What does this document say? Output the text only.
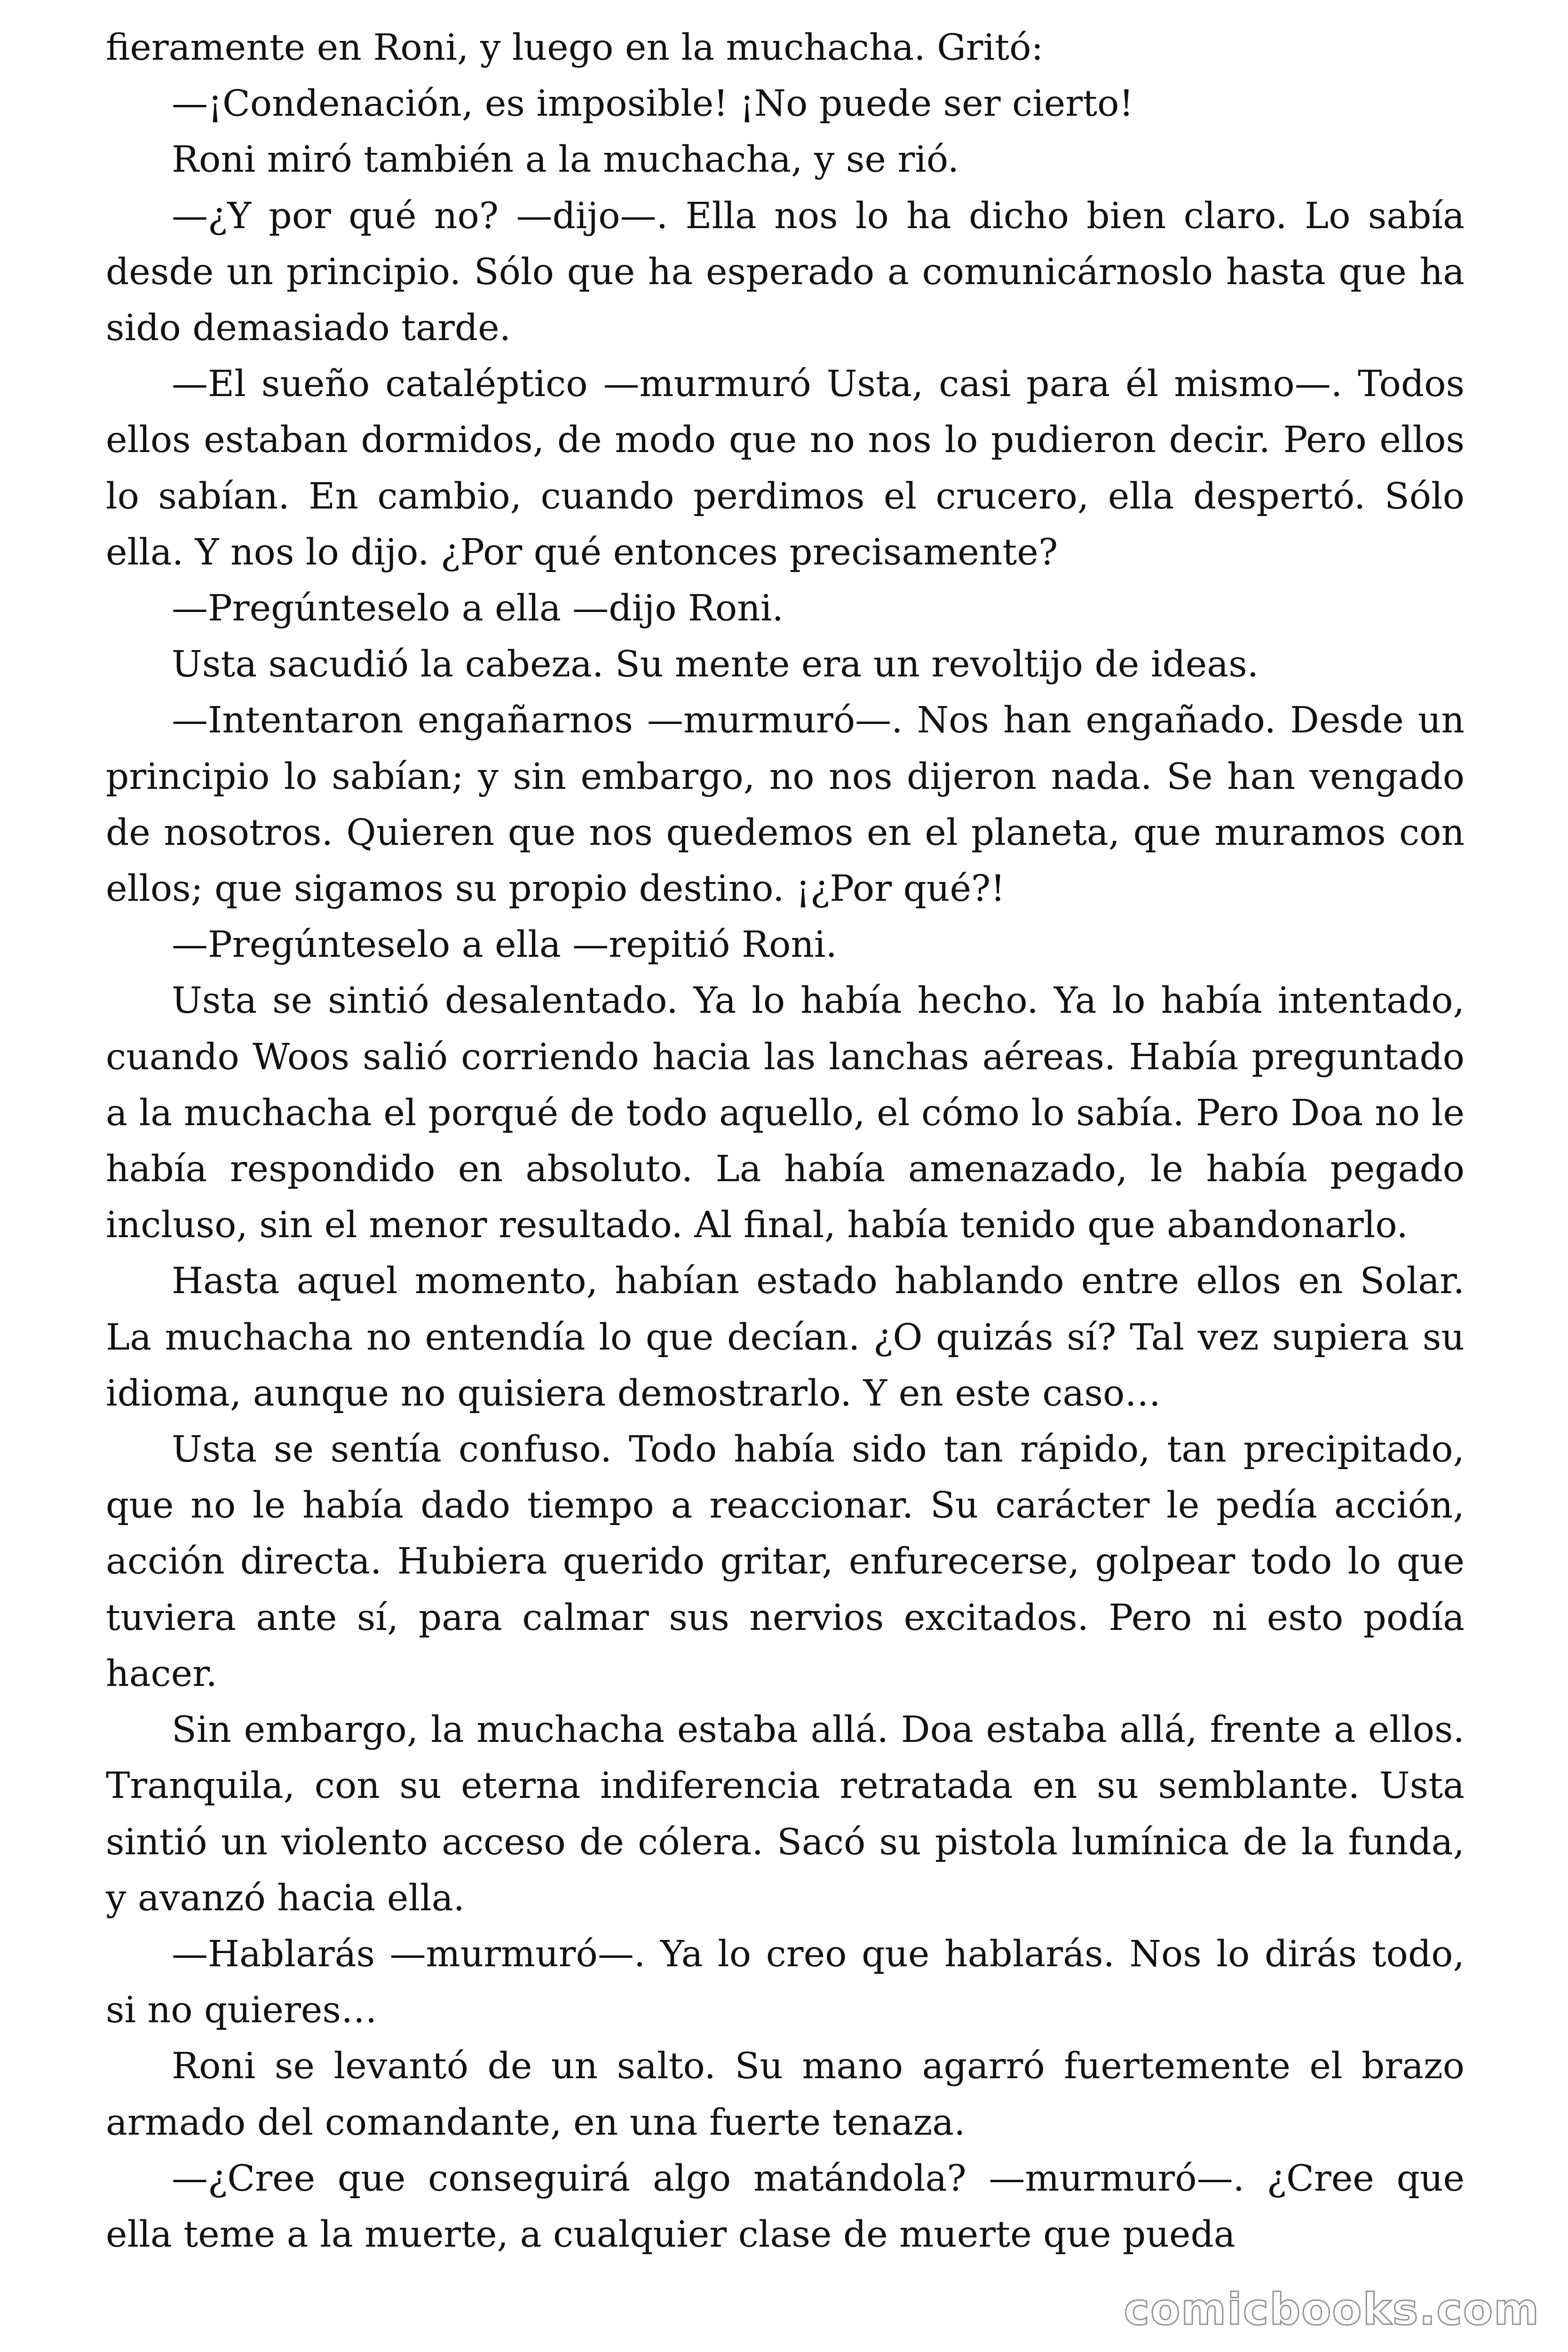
fieramente en Roni, y luego en la muchacha. Gritó:

—¡Condenación, es imposible! ¡No puede ser cierto!

Roni miró también a la muchacha, y se rió.

—¿Y por qué no? —dijo—. Ella nos lo ha dicho bien claro. Lo sabía desde un principio. Sólo que ha esperado a comunicárnoslo hasta que ha sido demasiado tarde.

—El sueño cataléptico —murmuró Usta, casi para él mismo—. Todos ellos estaban dormidos, de modo que no nos lo pudieron decir. Pero ellos lo sabían. En cambio, cuando perdimos el crucero, ella despertó. Sólo ella. Y nos lo dijo. ¿Por qué entonces precisamente?

—Pregúnteselo a ella —dijo Roni.

Usta sacudió la cabeza. Su mente era un revoltijo de ideas.

—Intentaron engañarnos —murmuró—. Nos han engañado. Desde un principio lo sabían; y sin embargo, no nos dijeron nada. Se han vengado de nosotros. Quieren que nos quedemos en el planeta, que muramos con ellos; que sigamos su propio destino. ¡¿Por qué?!

—Pregúnteselo a ella —repitió Roni.

Usta se sintió desalentado. Ya lo había hecho. Ya lo había intentado, cuando Woos salió corriendo hacia las lanchas aéreas. Había preguntado a la muchacha el porqué de todo aquello, el cómo lo sabía. Pero Doa no le había respondido en absoluto. La había amenazado, le había pegado incluso, sin el menor resultado. Al final, había tenido que abandonarlo.

Hasta aquel momento, habían estado hablando entre ellos en Solar. La muchacha no entendía lo que decían. ¿O quizás sí? Tal vez supiera su idioma, aunque no quisiera demostrarlo. Y en este caso…

Usta se sentía confuso. Todo había sido tan rápido, tan precipitado, que no le había dado tiempo a reaccionar. Su carácter le pedía acción, acción directa. Hubiera querido gritar, enfurecerse, golpear todo lo que tuviera ante sí, para calmar sus nervios excitados. Pero ni esto podía hacer.

Sin embargo, la muchacha estaba allá. Doa estaba allá, frente a ellos. Tranquila, con su eterna indiferencia retratada en su semblante. Usta sintió un violento acceso de cólera. Sacó su pistola lumínica de la funda, y avanzó hacia ella.

—Hablarás —murmuró—. Ya lo creo que hablarás. Nos lo dirás todo, si no quieres…

Roni se levantó de un salto. Su mano agarró fuertemente el brazo armado del comandante, en una fuerte tenaza.

—¿Cree que conseguirá algo matándola? —murmuró—. ¿Cree que ella teme a la muerte, a cualquier clase de muerte que pueda

comicbooks.com
